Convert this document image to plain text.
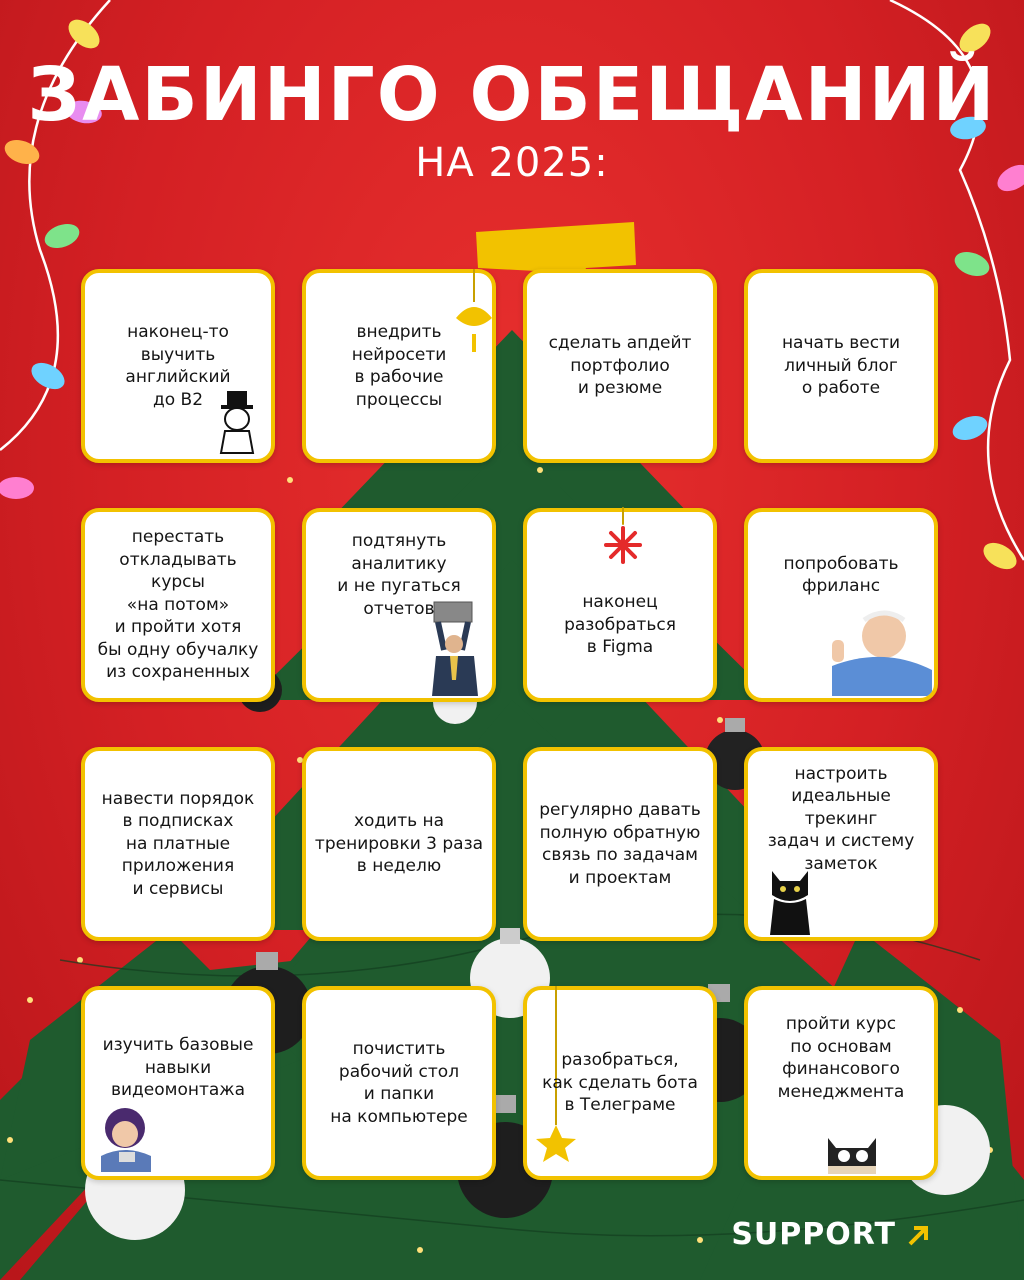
ЗАБИНГО ОБЕЩАНИЙ
НА 2025:
наконец-то
выучить
английский
до В2
внедрить
нейросети
в рабочие
процессы
сделать апдейт
портфолио
и резюме
начать вести
личный блог
о работе
перестать
откладывать курсы
«на потом»
и пройти хотя
бы одну обучалку
из сохраненных
подтянуть
аналитику
и не пугаться
отчетов	наконец
разобраться
в Figma
попробовать
фриланс
навести порядок
в подписках
на платные
приложения
и сервисы
ходить на
тренировки 3 раза
в неделю
регулярно давать
полную обратную
связь по задачам
и проектам
настроить
идеальные трекинг
задач и систему
заметок
изучить базовые
навыки
видеомонтажа
почистить
рабочий стол
и папки
на компьютере
разобраться,
как сделать бота
в Телеграме
пройти курс
по основам
финансового
менеджмента
SUPPORT
